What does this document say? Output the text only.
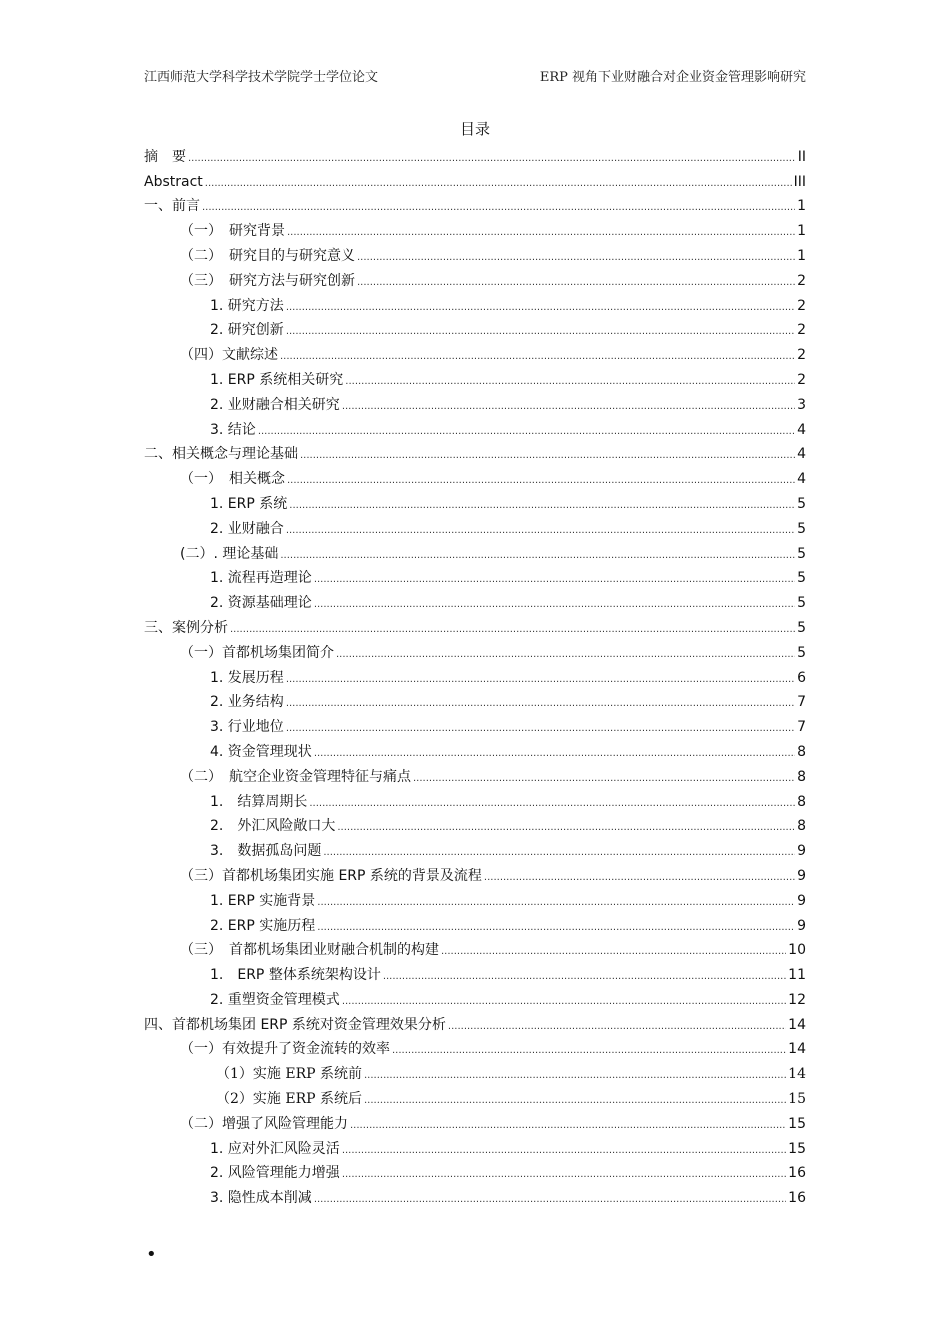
江西师范大学科学技术学院学士学位论文	ERP 视角下业财融合对企业资金管理影响研究
目录
摘　要 .....	II
Abstract .....	III
一、前言 .....	1
（一）　研究背景 .....	1
（二）　研究目的与研究意义 .....	1
（三）　研究方法与研究创新 .....	2
1. 研究方法 .....	2
2. 研究创新 .....	2
（四）文献综述 .....	2
1. ERP 系统相关研究 .....	2
2. 业财融合相关研究 .....	3
3. 结论 .....	4
二、相关概念与理论基础 .....	4
（一）　相关概念 .....	4
1. ERP 系统 .....	5
2. 业财融合 .....	5
(二）. 理论基础 .....	5
1. 流程再造理论 .....	5
2. 资源基础理论 .....	5
三、案例分析 .....	5
（一）首都机场集团简介 .....	5
1. 发展历程 .....	6
2. 业务结构 .....	7
3. 行业地位 .....	7
4. 资金管理现状 .....	8
（二）　航空企业资金管理特征与痛点 .....	8
1.　结算周期长 .....	8
2.　外汇风险敞口大 .....	8
3.　数据孤岛问题 .....	9
（三）首都机场集团实施 ERP 系统的背景及流程 .....	9
1. ERP 实施背景 .....	9
2. ERP 实施历程 .....	9
（三）　首都机场集团业财融合机制的构建 .....	10
1.　ERP 整体系统架构设计 .....	11
2. 重塑资金管理模式 .....	12
四、首都机场集团 ERP 系统对资金管理效果分析 .....	14
（一）有效提升了资金流转的效率 .....	14
（1）实施 ERP 系统前 .....	14
（2）实施 ERP 系统后 .....	15
（二）增强了风险管理能力 .....	15
1. 应对外汇风险灵活 .....	15
2. 风险管理能力增强 .....	16
3. 隐性成本削减 .....	16
•
